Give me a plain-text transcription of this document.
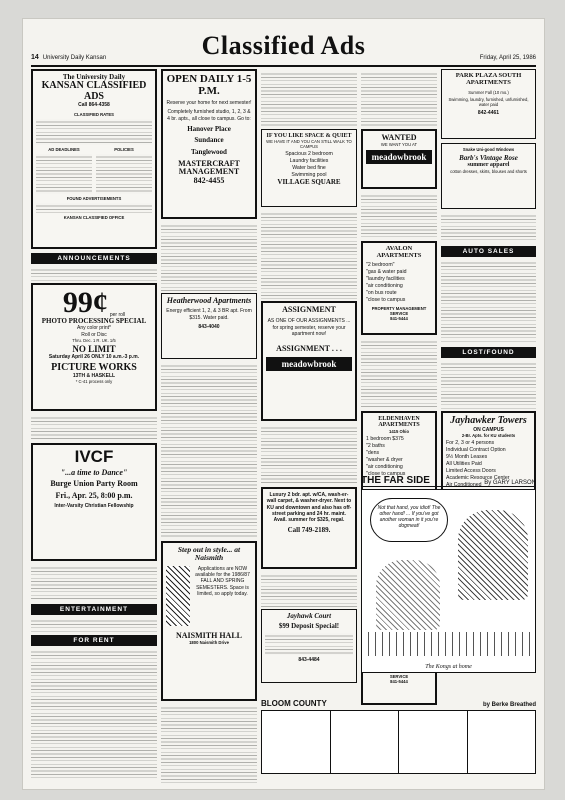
14 University Daily Kansan	Classified Ads	Friday, April 25, 1986
The University Daily
KANSAN CLASSIFIED ADS
Call 864-4358
CLASSIFIED RATES
AD DEADLINES	POLICIES
FOUND ADVERTISEMENTS
KANSAN CLASSIFIED OFFICE
ANNOUNCEMENTS
99¢ per roll
PHOTO PROCESSING SPECIAL
Any color print*
Roll or Disc
Thru. Dec. 1 R. UK. 1/5
NO LIMIT
Saturday April 26 ONLY 10 a.m.-3 p.m.
PICTURE WORKS
13TH & HASKELL
* C-41 process only
IVCF
"...a time to Dance"
Burge Union Party Room
Fri., Apr. 25, 8:00 p.m.
Inter-Varsity Christian Fellowship
ENTERTAINMENT
FOR RENT
OPEN DAILY 1-5 P.M.
Reserve your home for next semester!
Completely furnished studio, 1, 2, 3 & 4 br. apts., all close to campus. Go to:
Hanover Place
Sundance
Tanglewood
MASTERCRAFT MANAGEMENT
842-4455
Heatherwood Apartments
Energy efficient 1, 2, & 3 BR apt. From $315. Water paid.
843-4040
Step out in style... at Naismith
Applications are NOW available for the 1986/87 FALL AND SPRING SEMESTERS. Space is limited, so apply today.
NAISMITH HALL
1800 Naismith Drive
IF YOU LIKE SPACE & QUIET
WE HAVE IT AND YOU CAN STILL WALK TO CAMPUS
Spacious 2 bedroom
Laundry facilities
Water bed fine
Swimming pool
VILLAGE SQUARE
ASSIGNMENT
AS ONE OF OUR ASSIGNMENTS ... for spring semester, reserve your apartment now!
ASSIGNMENT . . .
meadowbrook
Luxury 2 bdr. apt. w/CA, wash-er-wall carpet, & washer-dryer. Next to KU and downtown and also has off-street parking and 24 hr. maint. Avail. summer for $325, regal.
Call 749-2189.
Jayhawk Court
$99 Deposit Special!
843-4484
WANTED
WE WANT YOU AT
meadowbrook
AVALON APARTMENTS
"2 bedroom"
"gas & water paid
"laundry facilities
"air conditioning
"on bus route
"close to campus
PROPERTY MANAGEMENT SERVICE
841-5444
ELDENHAVEN APARTMENTS
1415 Ohio
1 bedroom $375
"2 baths
"dens
"washer & dryer
"air conditioning
"close to campus
SERVICE
841-5444
PARK PLAZA SOUTH APARTMENTS
Summer Fall (10 mo.)
Swimming, laundry, furnished, unfurnished, water paid
842-4461
Snake Uni-good Windows
Barb's Vintage Rose
summer apparel
cotton dresses, skirts, blouses and shorts
AUTO SALES
LOST/FOUND
Jayhawker Towers
ON CAMPUS
2-Br. Apts. for KU students
For 2, 3 or 4 persons
Individual Contract Option
9½ Month Leases
All Utilities Paid
Limited Access Doors
Academic Resource Center
Air Conditioned
THE FAR SIDE	By GARY LARSON
Not that hand, you idiot! The other hand! ... If you've got another woman in it you're dogmeat!
The Kongs at home
BLOOM COUNTY	by Berke Breathed
